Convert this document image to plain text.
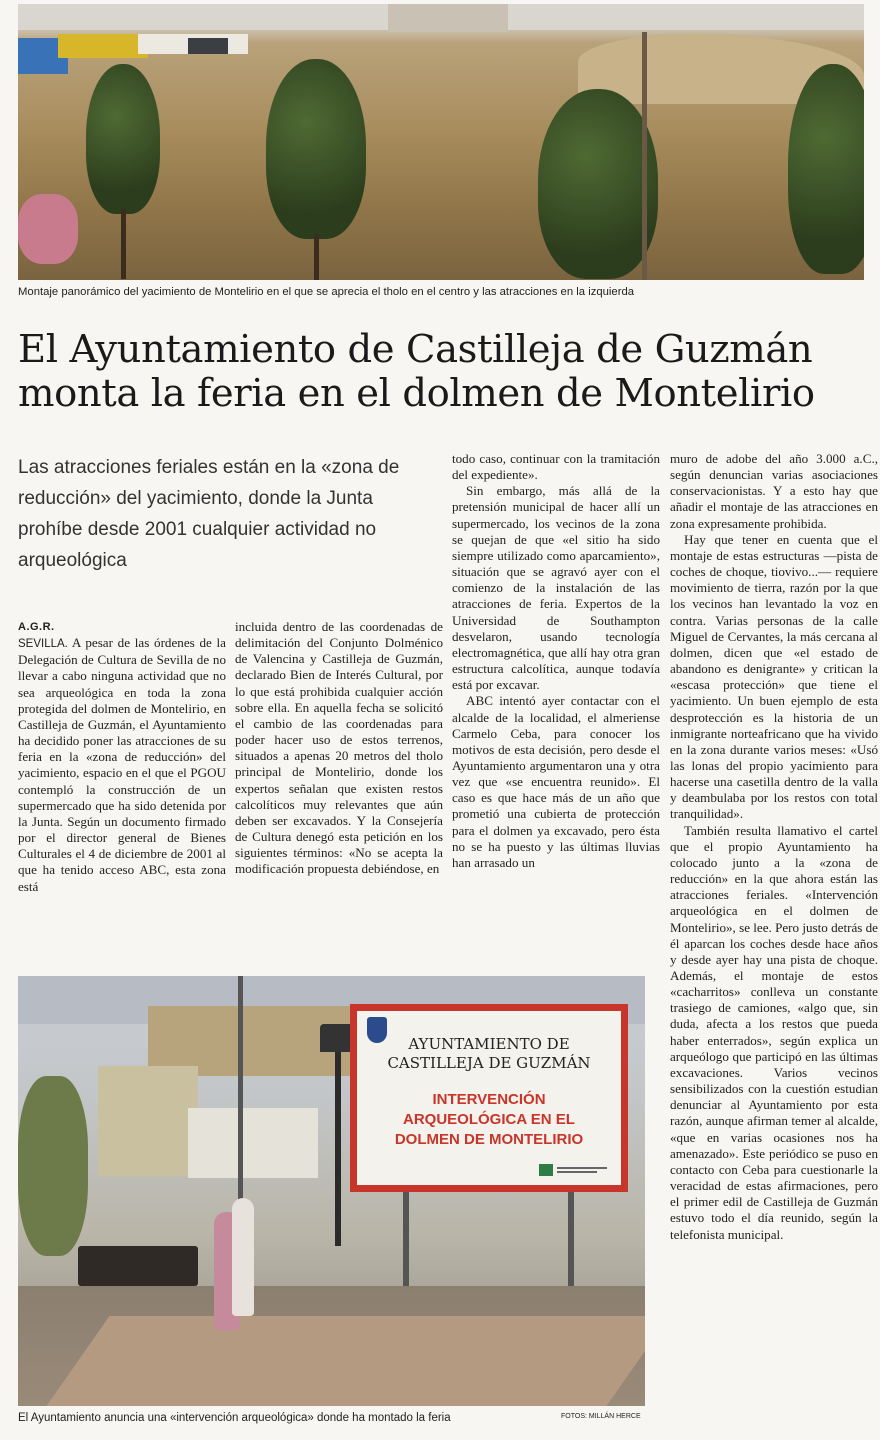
Montaje panorámico del yacimiento de Montelirio en el que se aprecia el tholo en el centro y las atracciones en la izquierda
El Ayuntamiento de Castilleja de Guzmán
monta la feria en el dolmen de Montelirio
Las atracciones feriales están en la «zona de reducción» del yacimiento, donde la Junta prohíbe desde 2001 cualquier actividad no arqueológica

todo caso, continuar con la tramitación del expediente».

Sin embargo, más allá de la pretensión municipal de hacer allí un supermercado, los vecinos de la zona se quejan de que «el sitio ha sido siempre utilizado como aparcamiento», situación que se agravó ayer con el comienzo de la instalación de las atracciones de feria. Expertos de la Universidad de Southampton desvelaron, usando tecnología electromagnética, que allí hay otra gran estructura calcolítica, aunque todavía está por excavar.

ABC intentó ayer contactar con el alcalde de la localidad, el almeriense Carmelo Ceba, para conocer los motivos de esta decisión, pero desde el Ayuntamiento argumentaron una y otra vez que «se encuentra reunido». El caso es que hace más de un año que prometió una cubierta de protección para el dolmen ya excavado, pero ésta no se ha puesto y las últimas lluvias han arrasado un

muro de adobe del año 3.000 a.C., según denuncian varias asociaciones conservacionistas. Y a esto hay que añadir el montaje de las atracciones en zona expresamente prohibida.

Hay que tener en cuenta que el montaje de estas estructuras —pista de coches de choque, tiovivo...— requiere movimiento de tierra, razón por la que los vecinos han levantado la voz en contra. Varias personas de la calle Miguel de Cervantes, la más cercana al dolmen, dicen que «el estado de abandono es denigrante» y critican la «escasa protección» que tiene el yacimiento. Un buen ejemplo de esta desprotección es la historia de un inmigrante norteafricano que ha vivido en la zona durante varios meses: «Usó las lonas del propio yacimiento para hacerse una casetilla dentro de la valla y deambulaba por los restos con total tranquilidad».

También resulta llamativo el cartel que el propio Ayuntamiento ha colocado junto a la «zona de reducción» en la que ahora están las atracciones feriales. «Intervención arqueológica en el dolmen de Montelirio», se lee. Pero justo detrás de él aparcan los coches desde hace años y desde ayer hay una pista de choque. Además, el montaje de estos «cacharritos» conlleva un constante trasiego de camiones, «algo que, sin duda, afecta a los restos que pueda haber enterrados», según explica un arqueólogo que participó en las últimas excavaciones. Varios vecinos sensibilizados con la cuestión estudian denunciar al Ayuntamiento por esta razón, aunque afirman temer al alcalde, «que en varias ocasiones nos ha amenazado». Este periódico se puso en contacto con Ceba para cuestionarle la veracidad de estas afirmaciones, pero el primer edil de Castilleja de Guzmán estuvo todo el día reunido, según la telefonista municipal.

A.G.R.

SEVILLA. A pesar de las órdenes de la Delegación de Cultura de Sevilla de no llevar a cabo ninguna actividad que no sea arqueológica en toda la zona protegida del dolmen de Montelirio, en Castilleja de Guzmán, el Ayuntamiento ha decidido poner las atracciones de su feria en la «zona de reducción» del yacimiento, espacio en el que el PGOU contempló la construcción de un supermercado que ha sido detenida por la Junta. Según un documento firmado por el director general de Bienes Culturales el 4 de diciembre de 2001 al que ha tenido acceso ABC, esta zona está

incluida dentro de las coordenadas de delimitación del Conjunto Dolménico de Valencina y Castilleja de Guzmán, declarado Bien de Interés Cultural, por lo que está prohibida cualquier acción sobre ella. En aquella fecha se solicitó el cambio de las coordenadas para poder hacer uso de estos terrenos, situados a apenas 20 metros del tholo principal de Montelirio, donde los expertos señalan que existen restos calcolíticos muy relevantes que aún deben ser excavados. Y la Consejería de Cultura denegó esta petición en los siguientes términos: «No se acepta la modificación propuesta debiéndose, en

AYUNTAMIENTO DE
CASTILLEJA DE GUZMÁN
INTERVENCIÓN
ARQUEOLÓGICA EN EL
DOLMEN DE MONTELIRIO
El Ayuntamiento anuncia una «intervención arqueológica» donde ha montado la feria	FOTOS: MILLÁN HERCE
